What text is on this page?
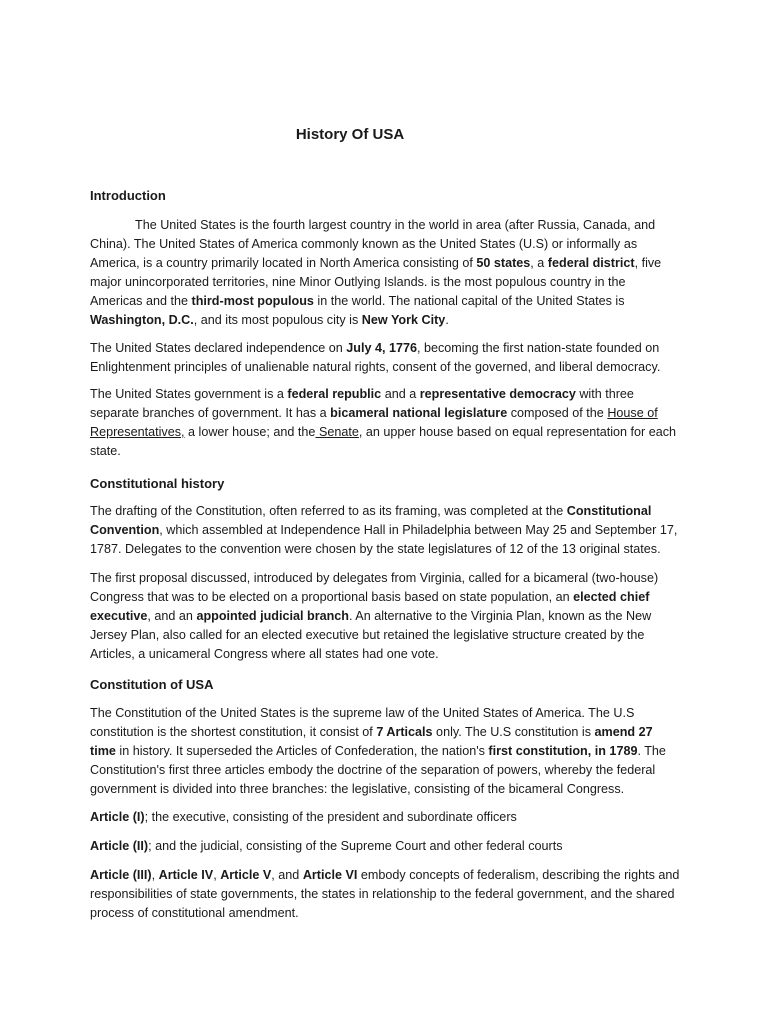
History Of USA
Introduction

The United States is the fourth largest country in the world in area (after Russia, Canada, and China). The United States of America commonly known as the United States (U.S) or informally as America, is a country primarily located in North America consisting of 50 states, a federal district, five major unincorporated territories, nine Minor Outlying Islands. is the most populous country in the Americas and the third-most populous in the world. The national capital of the United States is Washington, D.C., and its most populous city is New York City.

The United States declared independence on July 4, 1776, becoming the first nation-state founded on Enlightenment principles of unalienable natural rights, consent of the governed, and liberal democracy.

The United States government is a federal republic and a representative democracy with three separate branches of government. It has a bicameral national legislature composed of the House of Representatives, a lower house; and the Senate, an upper house based on equal representation for each state.

Constitutional history

The drafting of the Constitution, often referred to as its framing, was completed at the Constitutional Convention, which assembled at Independence Hall in Philadelphia between May 25 and September 17, 1787. Delegates to the convention were chosen by the state legislatures of 12 of the 13 original states.

The first proposal discussed, introduced by delegates from Virginia, called for a bicameral (two-house) Congress that was to be elected on a proportional basis based on state population, an elected chief executive, and an appointed judicial branch. An alternative to the Virginia Plan, known as the New Jersey Plan, also called for an elected executive but retained the legislative structure created by the Articles, a unicameral Congress where all states had one vote.

Constitution of USA

The Constitution of the United States is the supreme law of the United States of America. The U.S constitution is the shortest constitution, it consist of 7 Articals only. The U.S constitution is amend 27 time in history. It superseded the Articles of Confederation, the nation's first constitution, in 1789. The Constitution's first three articles embody the doctrine of the separation of powers, whereby the federal government is divided into three branches: the legislative, consisting of the bicameral Congress.

Article (I); the executive, consisting of the president and subordinate officers

Article (II); and the judicial, consisting of the Supreme Court and other federal courts

Article (III), Article IV, Article V, and Article VI embody concepts of federalism, describing the rights and responsibilities of state governments, the states in relationship to the federal government, and the shared process of constitutional amendment.
